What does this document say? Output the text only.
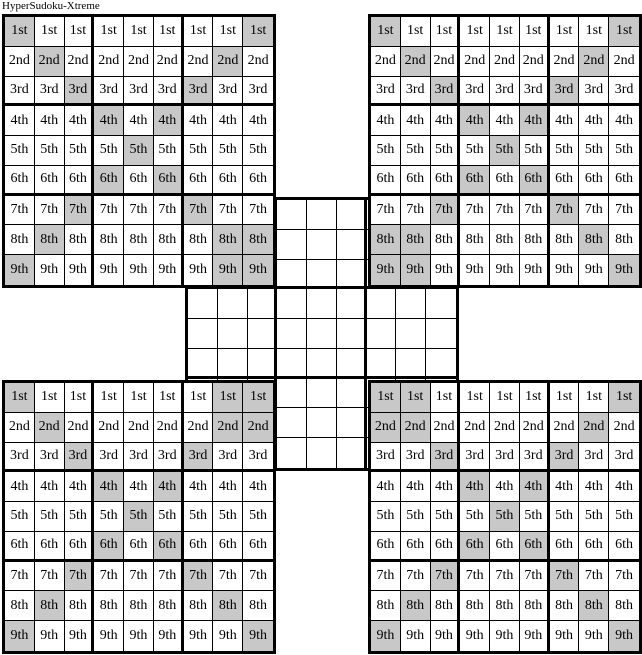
HyperSudoku-Xtreme
1st 1st 1st	1st 1st 1st	1st 1st 1st
2nd 2nd 2nd 2nd 2nd 2nd 2nd 2nd 2nd
3rd 3rd 3rd 3rd 3rd 3rd 3rd 3rd 3rd
4th 4th 4th 4th 4th 4th 4th 4th 4th
5th 5th 5th 5th 5th 5th 5th 5th 5th
6th 6th 6th 6th 6th 6th 6th 6th 6th
7th 7th 7th 7th 7th 7th 7th 7th 7th
8th 8th 8th 8th 8th 8th 8th 8th 8th
9th 9th 9th 9th 9th 9th 9th 9th 9th
1st 1st 1st	1st 1st 1st	1st 1st 1st
2nd 2nd 2nd 2nd 2nd 2nd 2nd 2nd 2nd
3rd 3rd 3rd 3rd 3rd 3rd 3rd 3rd 3rd
4th 4th 4th 4th 4th 4th 4th 4th 4th
5th 5th 5th 5th 5th 5th 5th 5th 5th
6th 6th 6th 6th 6th 6th 6th 6th 6th
7th 7th 7th 7th 7th 7th 7th 7th 7th
8th 8th 8th 8th 8th 8th 8th 8th 8th
9th 9th 9th 9th 9th 9th 9th 9th 9th
1st 1st 1st	1st 1st 1st	1st 1st 1st
2nd 2nd 2nd 2nd 2nd 2nd 2nd 2nd 2nd
3rd 3rd 3rd 3rd 3rd 3rd 3rd 3rd 3rd
4th 4th 4th 4th 4th 4th 4th 4th 4th
5th 5th 5th 5th 5th 5th 5th 5th 5th
6th 6th 6th 6th 6th 6th 6th 6th 6th
7th 7th 7th 7th 7th 7th 7th 7th 7th
8th 8th 8th 8th 8th 8th 8th 8th 8th
9th 9th 9th 9th 9th 9th 9th 9th 9th
1st 1st 1st	1st 1st 1st	1st 1st 1st
2nd 2nd 2nd 2nd 2nd 2nd 2nd 2nd 2nd
3rd 3rd 3rd 3rd 3rd 3rd 3rd 3rd 3rd
4th 4th 4th 4th 4th 4th 4th 4th 4th
5th 5th 5th 5th 5th 5th 5th 5th 5th
6th 6th 6th 6th 6th 6th 6th 6th 6th
7th 7th 7th 7th 7th 7th 7th 7th 7th
8th 8th 8th 8th 8th 8th 8th 8th 8th
9th 9th 9th 9th 9th 9th 9th 9th 9th
